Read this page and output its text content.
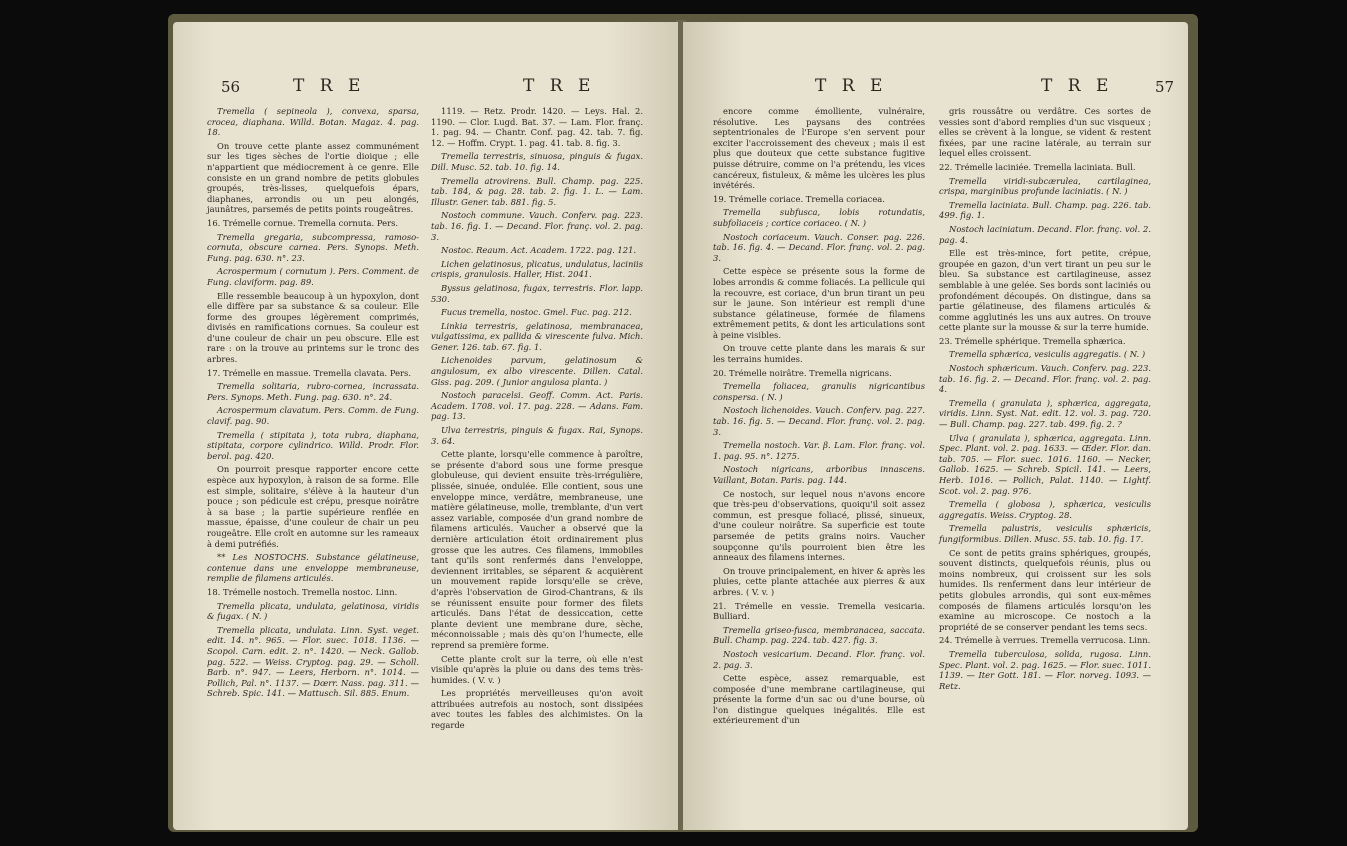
56	T R E	T R E

Tremella ( sepineola ), convexa, sparsa, crocea, diaphana. Willd. Botan. Magaz. 4. pag. 18.

On trouve cette plante assez communément sur les tiges sèches de l'ortie dioique ; elle n'appartient que médiocrement à ce genre. Elle consiste en un grand nombre de petits globules groupés, très-lisses, quelquefois épars, diaphanes, arrondis ou un peu alongés, jaunâtres, parsemés de petits points rougeâtres.

16. Trémelle cornue. Tremella cornuta. Pers.

Tremella gregaria, subcompressa, ramoso-cornuta, obscure carnea. Pers. Synops. Meth. Fung. pag. 630. n°. 23.

Acrospermum ( cornutum ). Pers. Comment. de Fung. claviform. pag. 89.

Elle ressemble beaucoup à un hypoxylon, dont elle diffère par sa substance & sa couleur. Elle forme des groupes légèrement comprimés, divisés en ramifications cornues. Sa couleur est d'une couleur de chair un peu obscure. Elle est rare : on la trouve au printems sur le tronc des arbres.

17. Trémelle en massue. Tremella clavata. Pers.

Tremella solitaria, rubro-cornea, incrassata. Pers. Synops. Meth. Fung. pag. 630. n°. 24.

Acrospermum clavatum. Pers. Comm. de Fung. clavif. pag. 90.

Tremella ( stipitata ), tota rubra, diaphana, stipitata, corpore cylindrico. Willd. Prodr. Flor. berol. pag. 420.

On pourroit presque rapporter encore cette espèce aux hypoxylon, à raison de sa forme. Elle est simple, solitaire, s'élève à la hauteur d'un pouce ; son pédicule est crépu, presque noirâtre à sa base ; la partie supérieure renflée en massue, épaisse, d'une couleur de chair un peu rougeâtre. Elle croît en automne sur les rameaux à demi putréfiés.

** Les NOSTOCHS. Substance gélatineuse, contenue dans une enveloppe membraneuse, remplie de filamens articulés.

18. Trémelle nostoch. Tremella nostoc. Linn.

Tremella plicata, undulata, gelatinosa, viridis & fugax. ( N. )

Tremella plicata, undulata. Linn. Syst. veget. edit. 14. n°. 965. — Flor. suec. 1018. 1136. — Scopol. Carn. edit. 2. n°. 1420. — Neck. Gallob. pag. 522. — Weiss. Cryptog. pag. 29. — Scholl. Barb. n°. 947. — Leers, Herborn. n°. 1014. — Pollich, Pal. n°. 1137. — Dœrr. Nass. pag. 311. — Schreb. Spic. 141. — Mattusch. Sil. 885. Enum.

1119. — Retz. Prodr. 1420. — Leys. Hal. 2. 1190. — Clor. Lugd. Bat. 37. — Lam. Flor. franç. 1. pag. 94. — Chantr. Conf. pag. 42. tab. 7. fig. 12. — Hoffm. Crypt. 1. pag. 41. tab. 8. fig. 3.

Tremella terrestris, sinuosa, pinguis & fugax. Dill. Musc. 52. tab. 10. fig. 14.

Tremella atrovirens. Bull. Champ. pag. 225. tab. 184, & pag. 28. tab. 2. fig. 1. L. — Lam. Illustr. Gener. tab. 881. fig. 5.

Nostoch commune. Vauch. Conferv. pag. 223. tab. 16. fig. 1. — Decand. Flor. franç. vol. 2. pag. 3.

Nostoc. Reaum. Act. Academ. 1722. pag. 121.

Lichen gelatinosus, plicatus, undulatus, laciniis crispis, granulosis. Haller, Hist. 2041.

Byssus gelatinosa, fugax, terrestris. Flor. lapp. 530.

Fucus tremella, nostoc. Gmel. Fuc. pag. 212.

Linkia terrestris, gelatinosa, membranacea, vulgatissima, ex pallida & virescente fulva. Mich. Gener. 126. tab. 67. fig. 1.

Lichenoides parvum, gelatinosum & angulosum, ex albo virescente. Dillen. Catal. Giss. pag. 209. ( Junior angulosa planta. )

Nostoch paracelsi. Geoff. Comm. Act. Paris. Academ. 1708. vol. 17. pag. 228. — Adans. Fam. pag. 13.

Ulva terrestris, pinguis & fugax. Rai, Synops. 3. 64.

Cette plante, lorsqu'elle commence à paroître, se présente d'abord sous une forme presque globuleuse, qui devient ensuite très-irrégulière, plissée, sinuée, ondulée. Elle contient, sous une enveloppe mince, verdâtre, membraneuse, une matière gélatineuse, molle, tremblante, d'un vert assez variable, composée d'un grand nombre de filamens articulés. Vaucher a observé que la dernière articulation étoit ordinairement plus grosse que les autres. Ces filamens, immobiles tant qu'ils sont renfermés dans l'enveloppe, deviennent irritables, se séparent & acquièrent un mouvement rapide lorsqu'elle se crève, d'après l'observation de Girod-Chantrans, & ils se réunissent ensuite pour former des filets articulés. Dans l'état de dessiccation, cette plante devient une membrane dure, sèche, méconnoissable ; mais dès qu'on l'humecte, elle reprend sa première forme.

Cette plante croît sur la terre, où elle n'est visible qu'après la pluie ou dans des tems très-humides. ( V. v. )

Les propriétés merveilleuses qu'on avoit attribuées autrefois au nostoch, sont dissipées avec toutes les fables des alchimistes. On la regarde

T R E	T R E	57

encore comme émolliente, vulnéraire, résolutive. Les paysans des contrées septentrionales de l'Europe s'en servent pour exciter l'accroissement des cheveux ; mais il est plus que douteux que cette substance fugitive puisse détruire, comme on l'a prétendu, les vices cancéreux, fistuleux, & même les ulcères les plus invétérés.

19. Trémelle coriace. Tremella coriacea.

Tremella subfusca, lobis rotundatis, subfoliaceis ; cortice coriaceo. ( N. )

Nostoch coriaceum. Vauch. Conser. pag. 226. tab. 16. fig. 4. — Decand. Flor. franç. vol. 2. pag. 3.

Cette espèce se présente sous la forme de lobes arrondis & comme foliacés. La pellicule qui la recouvre, est coriace, d'un brun tirant un peu sur le jaune. Son intérieur est rempli d'une substance gélatineuse, formée de filamens extrêmement petits, & dont les articulations sont à peine visibles.

On trouve cette plante dans les marais & sur les terrains humides.

20. Trémelle noirâtre. Tremella nigricans.

Tremella foliacea, granulis nigricantibus conspersa. ( N. )

Nostoch lichenoides. Vauch. Conferv. pag. 227. tab. 16. fig. 5. — Decand. Flor. franç. vol. 2. pag. 3.

Tremella nostoch. Var. β. Lam. Flor. franç. vol. 1. pag. 95. n°. 1275.

Nostoch nigricans, arboribus innascens. Vaillant, Botan. Paris. pag. 144.

Ce nostoch, sur lequel nous n'avons encore que très-peu d'observations, quoiqu'il soit assez commun, est presque foliacé, plissé, sinueux, d'une couleur noirâtre. Sa superficie est toute parsemée de petits grains noirs. Vaucher soupçonne qu'ils pourroient bien être les anneaux des filamens internes.

On trouve principalement, en hiver & après les pluies, cette plante attachée aux pierres & aux arbres. ( V. v. )

21. Trémelle en vessie. Tremella vesicaria. Bulliard.

Tremella griseo-fusca, membranacea, saccata. Bull. Champ. pag. 224. tab. 427. fig. 3.

Nostoch vesicarium. Decand. Flor. franç. vol. 2. pag. 3.

Cette espèce, assez remarquable, est composée d'une membrane cartilagineuse, qui présente la forme d'un sac ou d'une bourse, où l'on distingue quelques inégalités. Elle est extérieurement d'un

gris roussâtre ou verdâtre. Ces sortes de vessies sont d'abord remplies d'un suc visqueux ; elles se crèvent à la longue, se vident & restent fixées, par une racine latérale, au terrain sur lequel elles croissent.

22. Trémelle laciniée. Tremella laciniata. Bull.

Tremella viridi-subcærulea, cartilaginea, crispa, marginibus profunde laciniatis. ( N. )

Tremella laciniata. Bull. Champ. pag. 226. tab. 499. fig. 1.

Nostoch laciniatum. Decand. Flor. franç. vol. 2. pag. 4.

Elle est très-mince, fort petite, crépue, groupée en gazon, d'un vert tirant un peu sur le bleu. Sa substance est cartilagineuse, assez semblable à une gelée. Ses bords sont laciniés ou profondément découpés. On distingue, dans sa partie gélatineuse, des filamens articulés & comme agglutinés les uns aux autres. On trouve cette plante sur la mousse & sur la terre humide.

23. Trémelle sphérique. Tremella sphærica.

Tremella sphærica, vesiculis aggregatis. ( N. )

Nostoch sphæricum. Vauch. Conferv. pag. 223. tab. 16. fig. 2. — Decand. Flor. franç. vol. 2. pag. 4.

Tremella ( granulata ), sphærica, aggregata, viridis. Linn. Syst. Nat. edit. 12. vol. 3. pag. 720. — Bull. Champ. pag. 227. tab. 499. fig. 2. ?

Ulva ( granulata ), sphærica, aggregata. Linn. Spec. Plant. vol. 2. pag. 1633. — Œder. Flor. dan. tab. 705. — Flor. suec. 1016. 1160. — Necker, Gallob. 1625. — Schreb. Spicil. 141. — Leers, Herb. 1016. — Pollich, Palat. 1140. — Lightf. Scot. vol. 2. pag. 976.

Tremella ( globosa ), sphærica, vesiculis aggregatis. Weiss. Cryptog. 28.

Tremella palustris, vesiculis sphæricis, fungiformibus. Dillen. Musc. 55. tab. 10. fig. 17.

Ce sont de petits grains sphériques, groupés, souvent distincts, quelquefois réunis, plus ou moins nombreux, qui croissent sur les sols humides. Ils renferment dans leur intérieur de petits globules arrondis, qui sont eux-mêmes composés de filamens articulés lorsqu'on les examine au microscope. Ce nostoch a la propriété de se conserver pendant les tems secs.

24. Trémelle à verrues. Tremella verrucosa. Linn.

Tremella tuberculosa, solida, rugosa. Linn. Spec. Plant. vol. 2. pag. 1625. — Flor. suec. 1011. 1139. — Iter Gott. 181. — Flor. norveg. 1093. — Retz.
